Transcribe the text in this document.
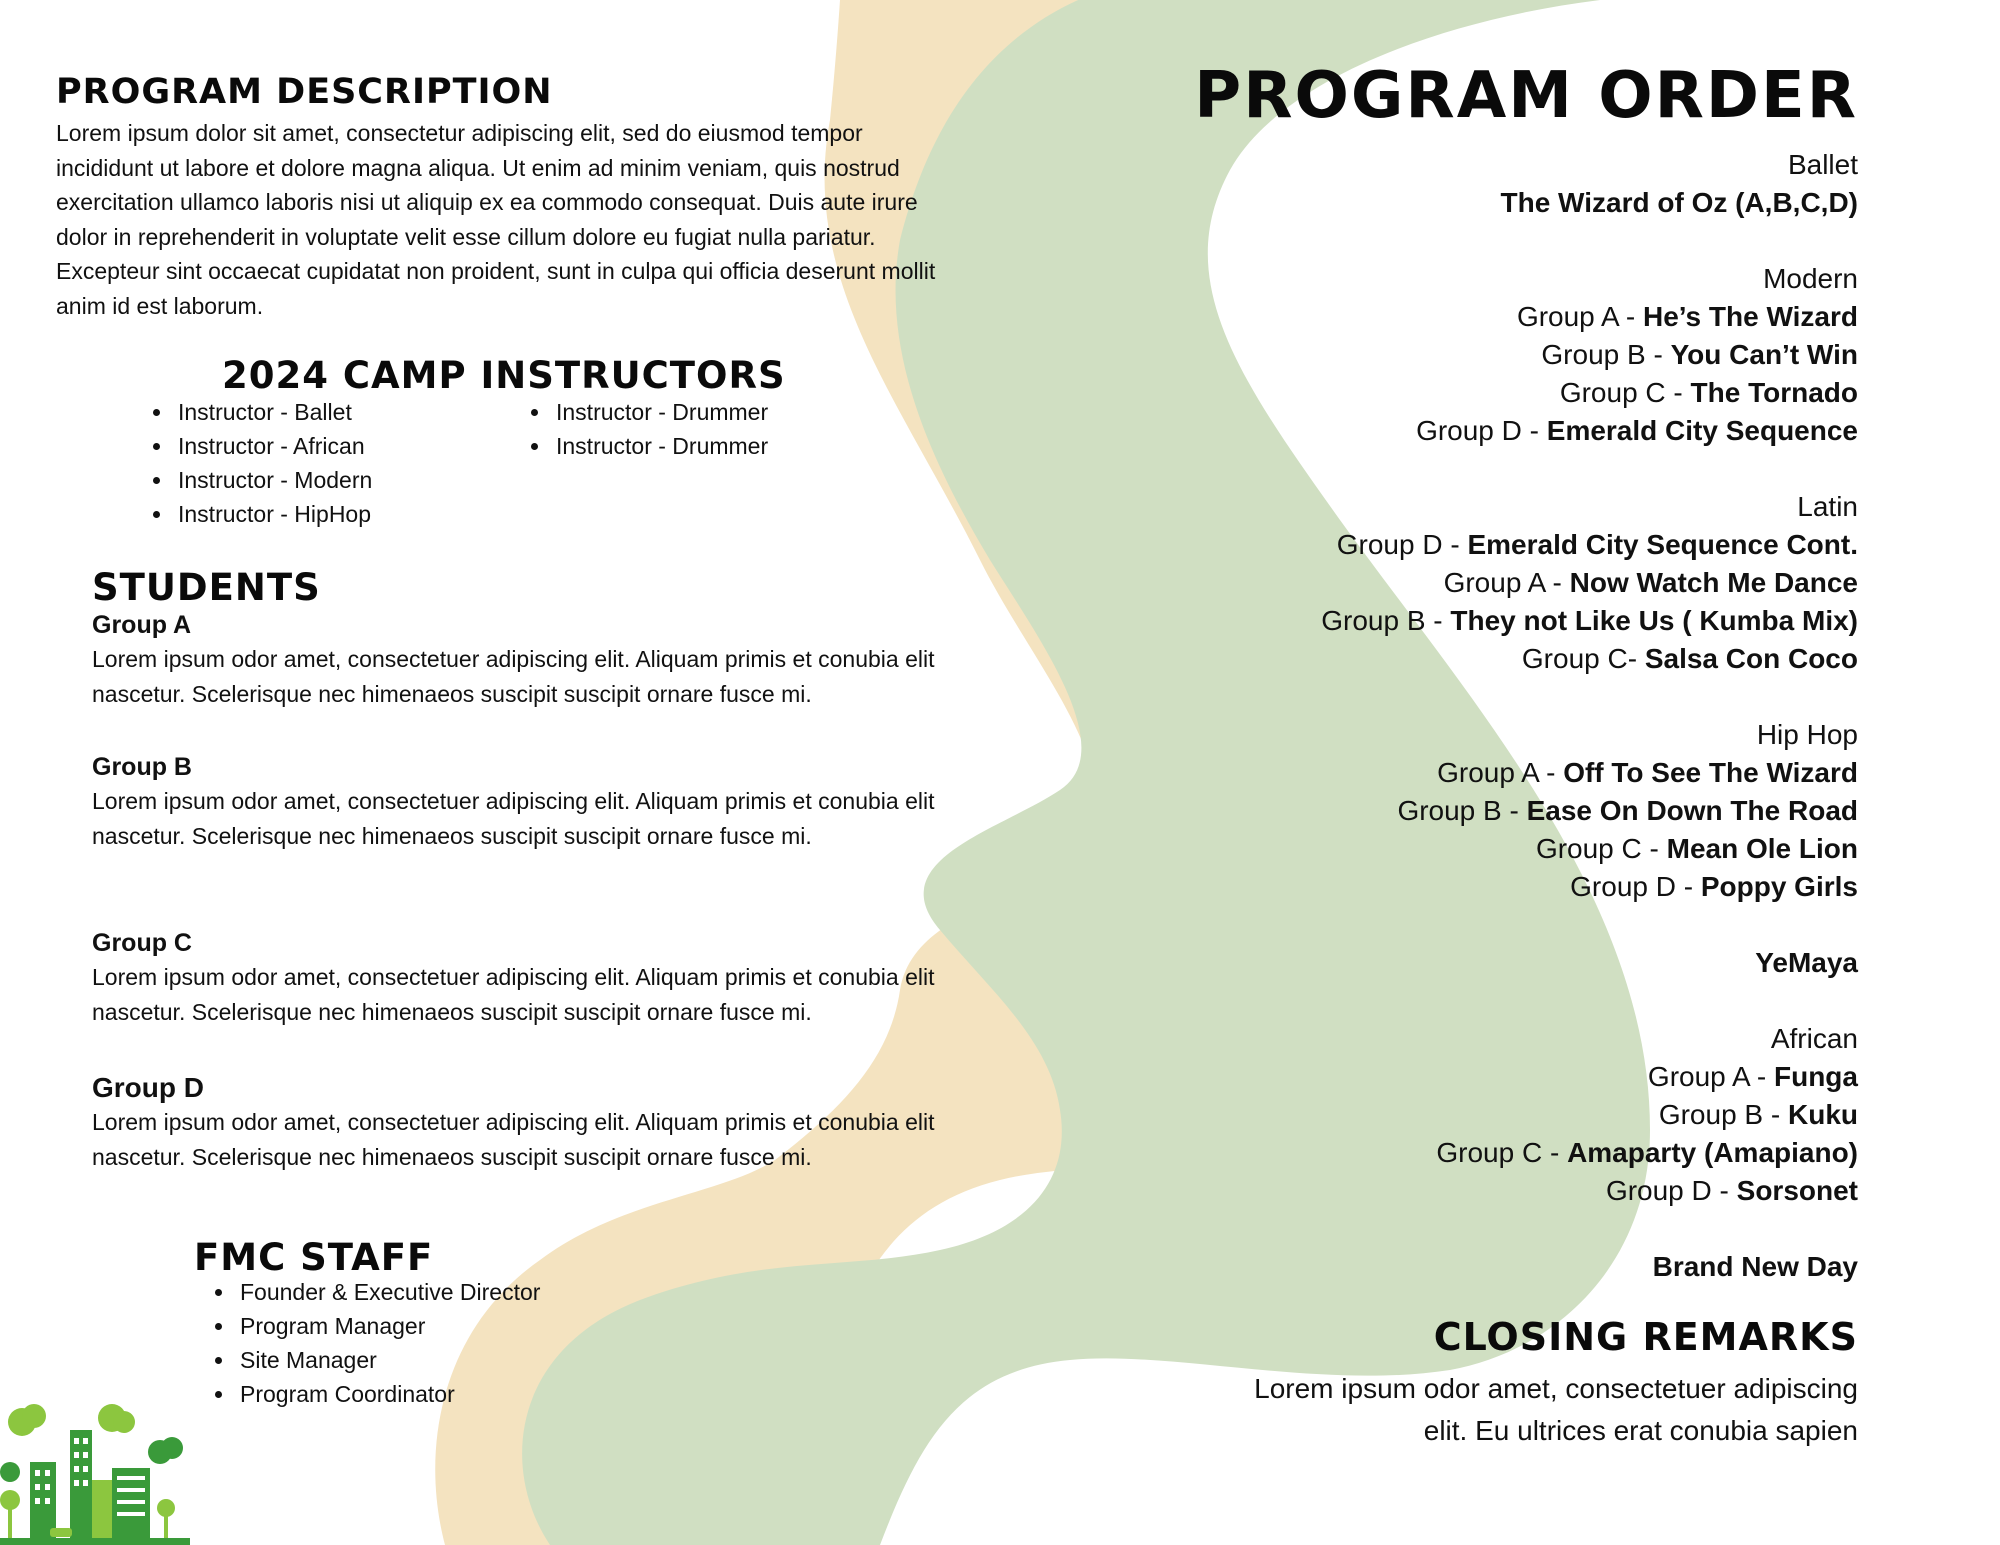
PROGRAM DESCRIPTION

Lorem ipsum dolor sit amet, consectetur adipiscing elit, sed do eiusmod tempor incididunt ut labore et dolore magna aliqua. Ut enim ad minim veniam, quis nostrud exercitation ullamco laboris nisi ut aliquip ex ea commodo consequat. Duis aute irure dolor in reprehenderit in voluptate velit esse cillum dolore eu fugiat nulla pariatur. Excepteur sint occaecat cupidatat non proident, sunt in culpa qui officia deserunt mollit anim id est laborum.

2024 CAMP INSTRUCTORS
• Instructor - Ballet
• Instructor - African
• Instructor - Modern
• Instructor - HipHop
• Instructor - Drummer
• Instructor - Drummer
STUDENTS

Group A

Lorem ipsum odor amet, consectetuer adipiscing elit. Aliquam primis et conubia elit nascetur. Scelerisque nec himenaeos suscipit suscipit ornare fusce mi.

Group B

Lorem ipsum odor amet, consectetuer adipiscing elit. Aliquam primis et conubia elit nascetur. Scelerisque nec himenaeos suscipit suscipit ornare fusce mi.

Group C

Lorem ipsum odor amet, consectetuer adipiscing elit. Aliquam primis et conubia elit nascetur. Scelerisque nec himenaeos suscipit suscipit ornare fusce mi.

Group D

Lorem ipsum odor amet, consectetuer adipiscing elit. Aliquam primis et conubia elit nascetur. Scelerisque nec himenaeos suscipit suscipit ornare fusce mi.

FMC STAFF
• Founder & Executive Director
• Program Manager
• Site Manager
• Program Coordinator
PROGRAM ORDER

Ballet

The Wizard of Oz (A,B,C,D)

Modern

Group A - He’s The Wizard

Group B - You Can’t Win

Group C - The Tornado

Group D - Emerald City Sequence

Latin

Group D - Emerald City Sequence Cont.

Group A - Now Watch Me Dance

Group B - They not Like Us ( Kumba Mix)

Group C- Salsa Con Coco

Hip Hop

Group A - Off To See The Wizard

Group B - Ease On Down The Road

Group C - Mean Ole Lion

Group D - Poppy Girls

YeMaya

African

Group A - Funga

Group B - Kuku

Group C - Amaparty (Amapiano)

Group D - Sorsonet

Brand New Day

CLOSING REMARKS

Lorem ipsum odor amet, consectetuer adipiscing

elit. Eu ultrices erat conubia sapien
